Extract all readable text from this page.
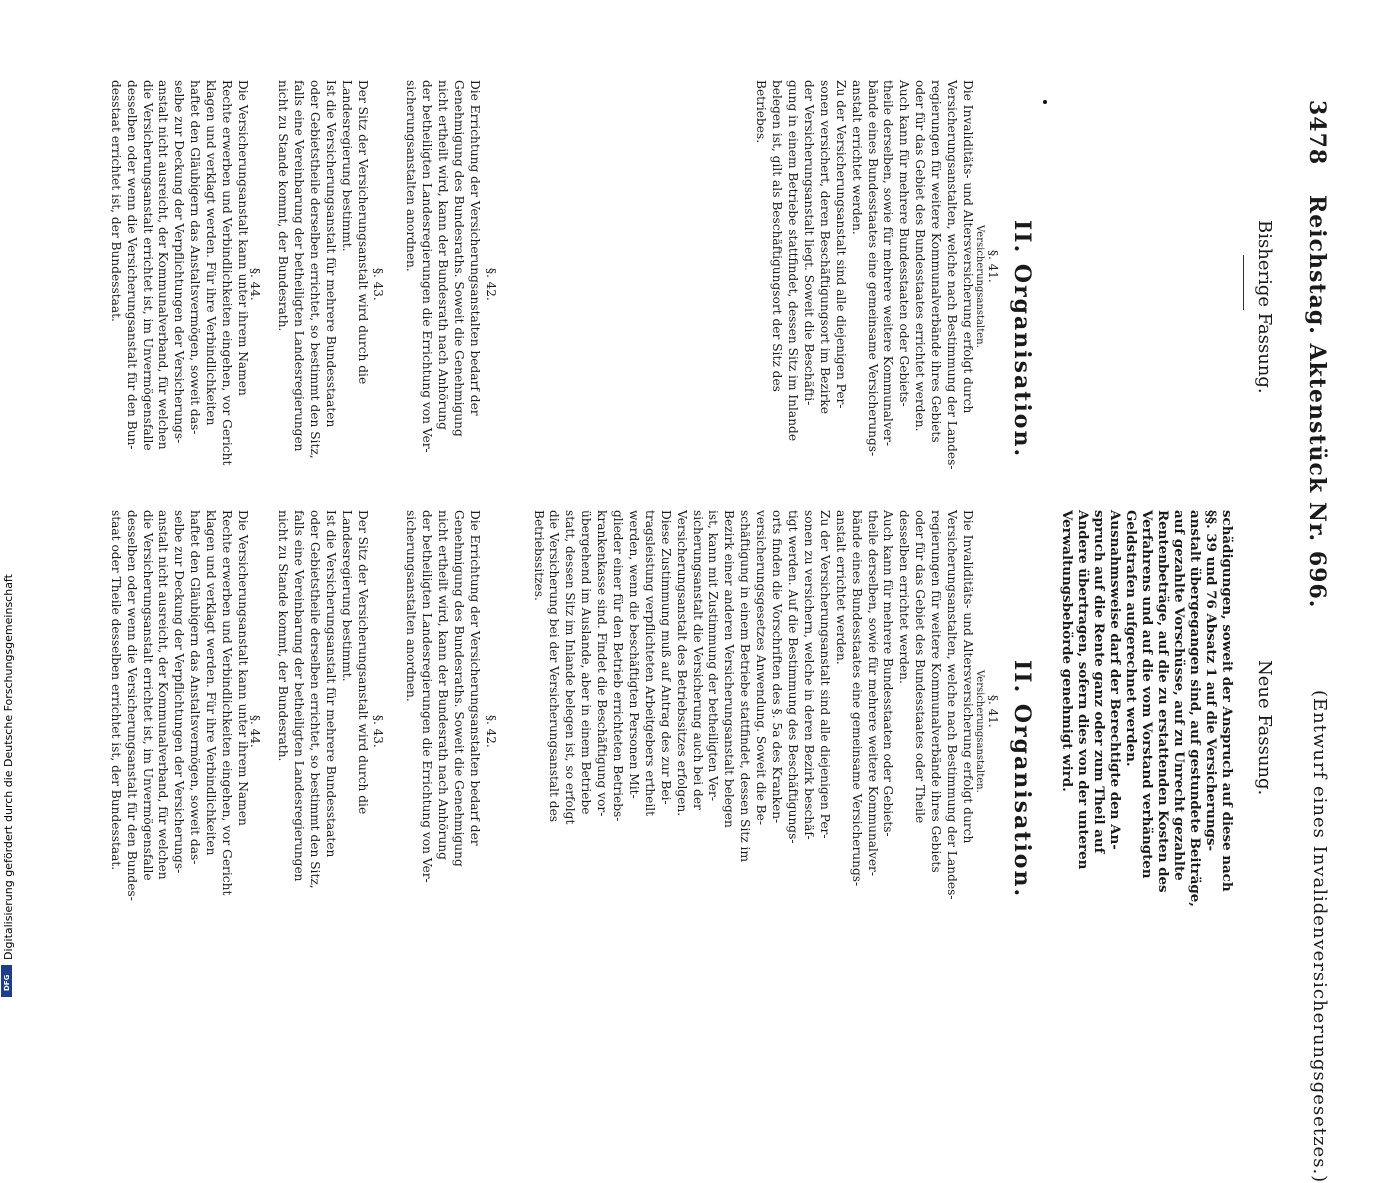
3478
Reichstag. Aktenstück Nr. 696.
(Entwurf eines Invalidenversicherungsgesetzes.)
Bisherige Fassung.
Neue Fassung.
II. Organisation.
§. 41.
Versicherungsanstalten.

Die Invaliditäts- und Altersversicherung erfolgt durch

Versicherungsanstalten, welche nach Bestimmung der Landes-

regierungen für weitere Kommunalverbände ihres Gebiets

oder für das Gebiet des Bundesstaates errichtet werden.

Auch kann für mehrere Bundesstaaten oder Gebiets-

theile derselben, sowie für mehrere weitere Kommunalver-

bände eines Bundesstaates eine gemeinsame Versicherungs-

anstalt errichtet werden.

Zu der Versicherungsanstalt sind alle diejenigen Per-

sonen versichert, deren Beschäftigungsort im Bezirke

der Versicherungsanstalt liegt. Soweit die Beschäfti-

gung in einem Betriebe stattfindet, dessen Sitz im Inlande

belegen ist, gilt als Beschäftigungsort der Sitz des

Betriebes.

§. 42.

Die Errichtung der Versicherungsanstalten bedarf der

Genehmigung des Bundesraths. Soweit die Genehmigung

nicht ertheilt wird, kann der Bundesrath nach Anhörung

der betheiligten Landesregierungen die Errichtung von Ver-

sicherungsanstalten anordnen.

§. 43.

Der Sitz der Versicherungsanstalt wird durch die

Landesregierung bestimmt.

Ist die Versicherungsanstalt für mehrere Bundesstaaten

oder Gebietstheile derselben errichtet, so bestimmt den Sitz,

falls eine Vereinbarung der betheiligten Landesregierungen

nicht zu Stande kommt, der Bundesrath.

§. 44.

Die Versicherungsanstalt kann unter ihrem Namen

Rechte erwerben und Verbindlichkeiten eingehen, vor Gericht

klagen und verklagt werden. Für ihre Verbindlichkeiten

haftet den Gläubigern das Anstaltsvermögen, soweit das-

selbe zur Deckung der Verpflichtungen der Versicherungs-

anstalt nicht ausreicht, der Kommunalverband, für welchen

die Versicherungsanstalt errichtet ist, im Unvermögensfalle

desselben oder wenn die Versicherungsanstalt für den Bun-

desstaat errichtet ist, der Bundesstaat.

schädigungen, soweit der Anspruch auf diese nach

§§. 39 und 76 Absatz 1 auf die Versicherungs-

anstalt übergegangen sind, auf gestundete Beiträge,

auf gezahlte Vorschüsse, auf zu Unrecht gezahlte

Rentenbeträge, auf die zu erstattenden Kosten des

Verfahrens und auf die vom Vorstand verhängten

Geldstrafen aufgerechnet werden.

Ausnahmsweise darf der Berechtigte den An-

spruch auf die Rente ganz oder zum Theil auf

Andere übertragen, sofern dies von der unteren

Verwaltungsbehörde genehmigt wird.

II. Organisation.
§. 41.
Versicherungsanstalten.

Die Invaliditäts- und Altersversicherung erfolgt durch

Versicherungsanstalten, welche nach Bestimmung der Landes-

regierungen für weitere Kommunalverbände ihres Gebiets

oder für das Gebiet des Bundesstaates oder Theile

desselben errichtet werden.

Auch kann für mehrere Bundesstaaten oder Gebiets-

theile derselben, sowie für mehrere weitere Kommunalver-

bände eines Bundesstaates eine gemeinsame Versicherungs-

anstalt errichtet werden.

Zu der Versicherungsanstalt sind alle diejenigen Per-

sonen zu versichern, welche in deren Bezirk beschäf-

tigt werden. Auf die Bestimmung des Beschäftigungs-

orts finden die Vorschriften des §. 5a des Kranken-

versicherungsgesetzes Anwendung. Soweit die Be-

schäftigung in einem Betriebe stattfindet, dessen Sitz im

Bezirk einer anderen Versicherungsanstalt belegen

ist, kann mit Zustimmung der betheiligten Ver-

sicherungsanstalt die Versicherung auch bei der

Versicherungsanstalt des Betriebssitzes erfolgen.

Diese Zustimmung muß auf Antrag des zur Bei-

tragsleistung verpflichteten Arbeitgebers ertheilt

werden, wenn die beschäftigten Personen Mit-

glieder einer für den Betrieb errichteten Betriebs-

krankenkasse sind. Findet die Beschäftigung vor-

übergehend im Auslande, aber in einem Betriebe

statt, dessen Sitz im Inlande belegen ist, so erfolgt

die Versicherung bei der Versicherungsanstalt des

Betriebssitzes.

§. 42.

Die Errichtung der Versicherungsanstalten bedarf der

Genehmigung des Bundesraths. Soweit die Genehmigung

nicht ertheilt wird, kann der Bundesrath nach Anhörung

der betheiligten Landesregierungen die Errichtung von Ver-

sicherungsanstalten anordnen.

§. 43.

Der Sitz der Versicherungsanstalt wird durch die

Landesregierung bestimmt.

Ist die Versicherungsanstalt für mehrere Bundesstaaten

oder Gebietstheile derselben errichtet, so bestimmt den Sitz,

falls eine Vereinbarung der betheiligten Landesregierungen

nicht zu Stande kommt, der Bundesrath.

§. 44.

Die Versicherungsanstalt kann unter ihrem Namen

Rechte erwerben und Verbindlichkeiten eingehen, vor Gericht

klagen und verklagt werden. Für ihre Verbindlichkeiten

haftet den Gläubigern das Anstaltsvermögen, soweit das-

selbe zur Deckung der Verpflichtungen der Versicherungs-

anstalt nicht ausreicht, der Kommunalverband, für welchen

die Versicherungsanstalt errichtet ist, im Unvermögensfalle

desselben oder wenn die Versicherungsanstalt für den Bundes-

staat oder Theile desselben errichtet ist, der Bundesstaat.

Digitalisierung gefördert durch die Deutsche Forschungsgemeinschaft
DFG
